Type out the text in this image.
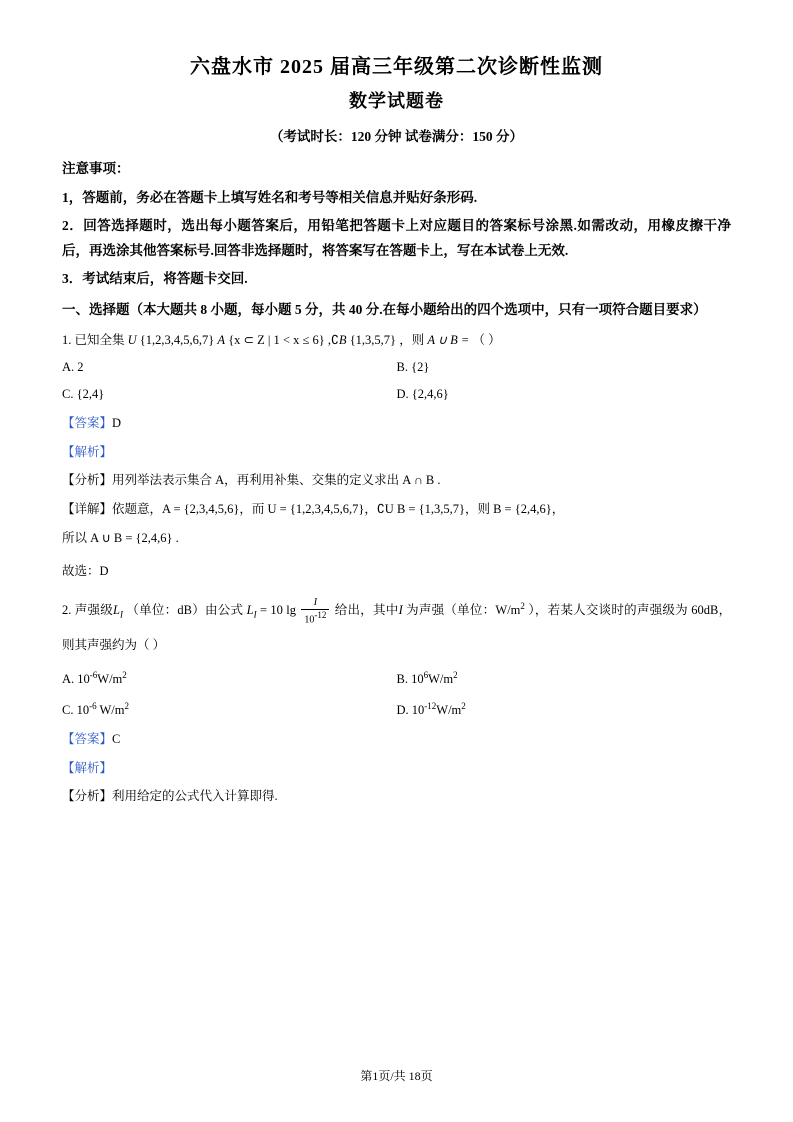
六盘水市 2025 届高三年级第二次诊断性监测
数学试题卷
（考试时长：120 分钟 试卷满分：150 分）
注意事项：
1，答题前，务必在答题卡上填写姓名和考号等相关信息并贴好条形码.
2．回答选择题时，选出每小题答案后，用铅笔把答题卡上对应题目的答案标号涂黑.如需改动，用橡皮擦干净后，再选涂其他答案标号.回答非选择题时，将答案写在答题卡上，写在本试卷上无效.
3．考试结束后，将答题卡交回.
一、选择题（本大题共 8 小题，每小题 5 分，共 40 分.在每小题给出的四个选项中，只有一项符合题目要求）
1. 已知全集 U {1,2,3,4,5,6,7} A {x ⊂ Z | 1 < x ≤ 6} ,∁B {1,3,5,7} ，则 A ∪ B = （ ）
A. 2	B. {2}
C. {2,4}	D. {2,4,6}
【答案】D
【解析】
【分析】用列举法表示集合 A，再利用补集、交集的定义求出 A ∩ B .
【详解】依题意，A = {2,3,4,5,6}，而 U = {1,2,3,4,5,6,7}，∁U B = {1,3,5,7}，则 B = {2,4,6}，
所以 A ∪ B = {2,4,6} .
故选：D
2. 声强级$L_I$ （单位：dB）由公式 $L_I = 10$ $\lg \frac{I}{10^{-12}}$ 给出，其中I 为声强（单位：$W/m^2$ ），若某人交谈时的声强级为 60dB，则其声强约为（ ）
A. $10^{-6}W/m^2$	B. $10^6W/m^2$
C. $10^{-6}$ $W/m^2$	D. $10^{-12}W/m^2$
【答案】C
【解析】
【分析】利用给定的公式代入计算即得.
第1页/共 18页
